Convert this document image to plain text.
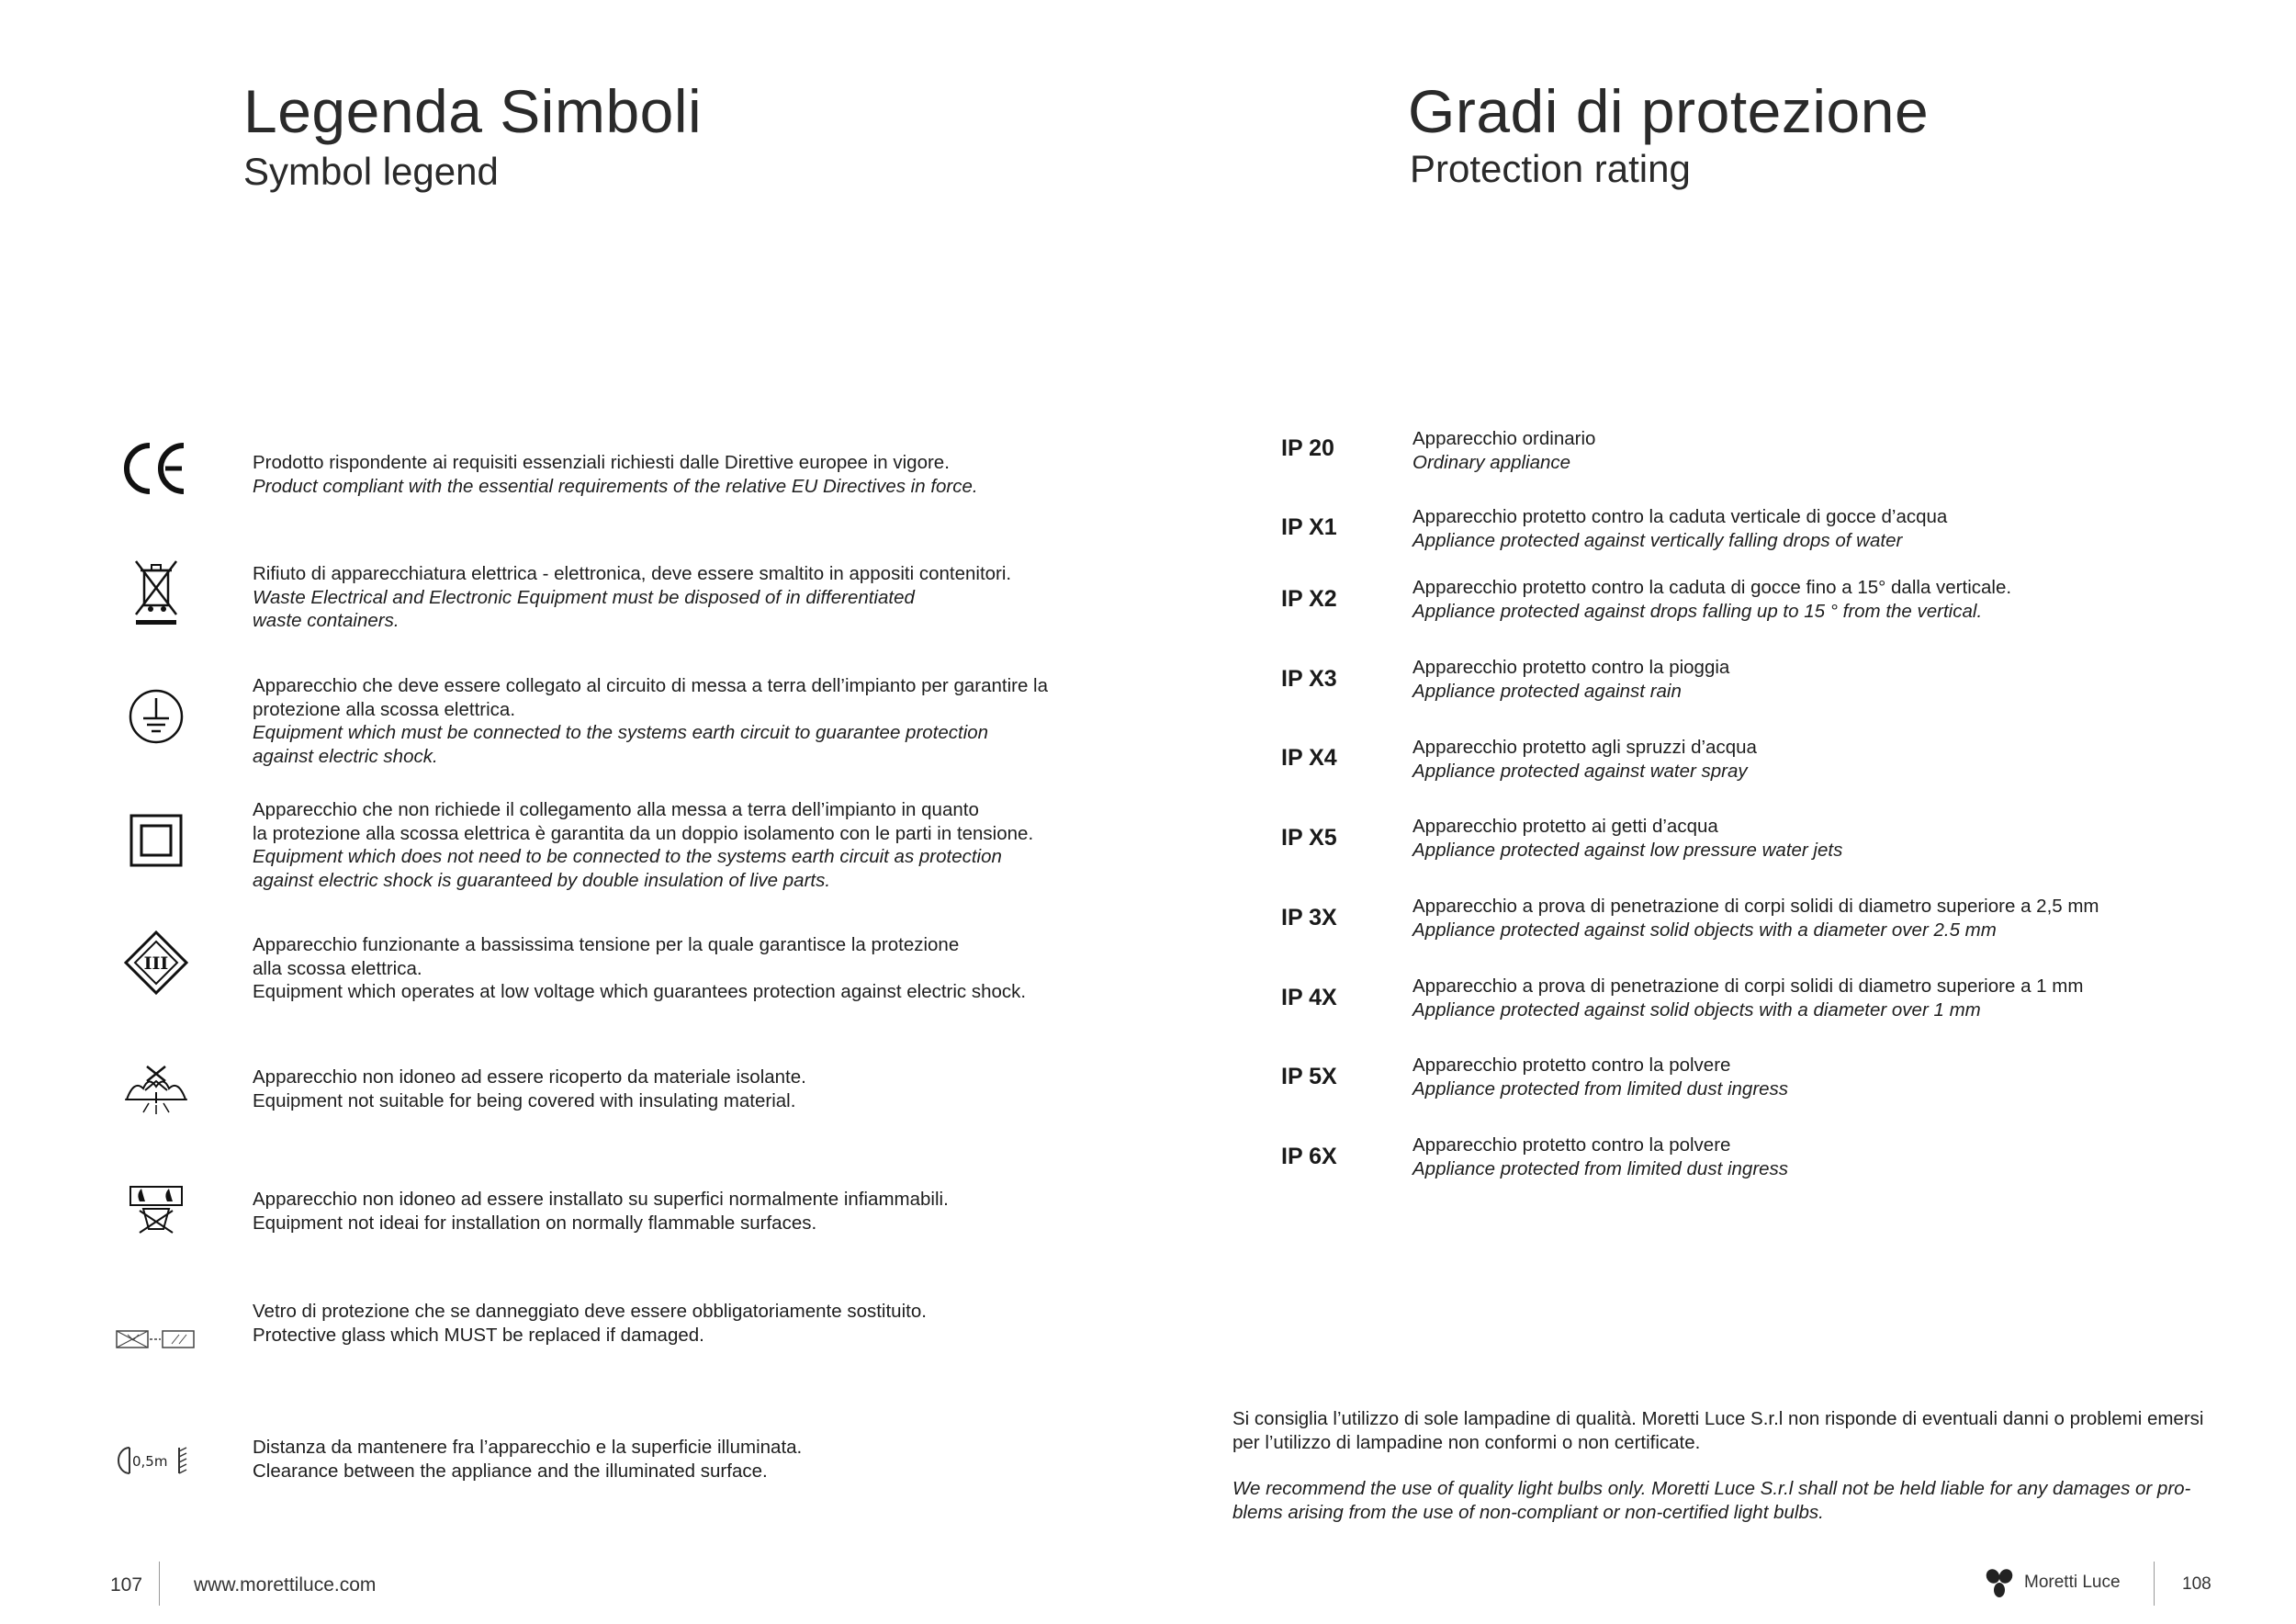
Legenda Simboli
Symbol legend
Gradi di protezione
Protection rating
Prodotto rispondente ai requisiti essenziali richiesti dalle Direttive europee in vigore.
Product compliant with the essential requirements of the relative EU Directives in force.
Rifiuto di apparecchiatura elettrica - elettronica, deve essere smaltito in appositi contenitori.
Waste Electrical and Electronic Equipment must be disposed of in differentiated
waste containers.
Apparecchio che deve essere collegato al circuito di messa a terra dell’impianto per garantire la
protezione alla scossa elettrica.
Equipment which must be connected to the systems earth circuit to guarantee protection
against electric shock.
Apparecchio che non richiede il collegamento alla messa a terra dell’impianto in quanto
la protezione alla scossa elettrica è garantita da un doppio isolamento con le parti in tensione.
Equipment which does not need to be connected to the systems earth circuit as protection
against electric shock is guaranteed by double insulation of live parts.
III
Apparecchio funzionante a bassissima tensione per la quale garantisce la protezione
alla scossa elettrica.
Equipment which operates at low voltage which guarantees protection against electric shock.
Apparecchio non idoneo ad essere ricoperto da materiale isolante.
Equipment not suitable for being covered with insulating material.
Apparecchio non idoneo ad essere installato su superfici normalmente infiammabili.
Equipment not ideai for installation on normally flammable surfaces.
Vetro di protezione che se danneggiato deve essere obbligatoriamente sostituito.
Protective glass which MUST be replaced if damaged.
0,5m
Distanza da mantenere fra l’apparecchio e la superficie illuminata.
Clearance between the appliance and the illuminated surface.
IP 20	Apparecchio ordinario
Ordinary appliance
IP X1	Apparecchio protetto contro la caduta verticale di gocce d’acqua
Appliance protected against vertically falling drops of water
IP X2	Apparecchio protetto contro la caduta di gocce fino a 15° dalla verticale.
Appliance protected against drops falling up to 15 ° from the vertical.
IP X3	Apparecchio protetto contro la pioggia
Appliance protected against rain
IP X4	Apparecchio protetto agli spruzzi d’acqua
Appliance protected against water spray
IP X5	Apparecchio protetto ai getti d’acqua
Appliance protected against low pressure water jets
IP 3X	Apparecchio a prova di penetrazione di corpi solidi di diametro superiore a 2,5 mm
Appliance protected against solid objects with a diameter over 2.5 mm
IP 4X	Apparecchio a prova di penetrazione di corpi solidi di diametro superiore a 1 mm
Appliance protected against solid objects with a diameter over 1 mm
IP 5X	Apparecchio protetto contro la polvere
Appliance protected from limited dust ingress
IP 6X	Apparecchio protetto contro la polvere
Appliance protected from limited dust ingress
Si consiglia l’utilizzo di sole lampadine di qualità. Moretti Luce S.r.l non risponde di eventuali danni o problemi emersi
per l’utilizzo di lampadine non conformi o non certificate.
We recommend the use of quality light bulbs only. Moretti Luce S.r.l shall not be held liable for any damages or pro-
blems arising from the use of non-compliant or non-certified light bulbs.
107	www.morettiluce.com	Moretti Luce	108
